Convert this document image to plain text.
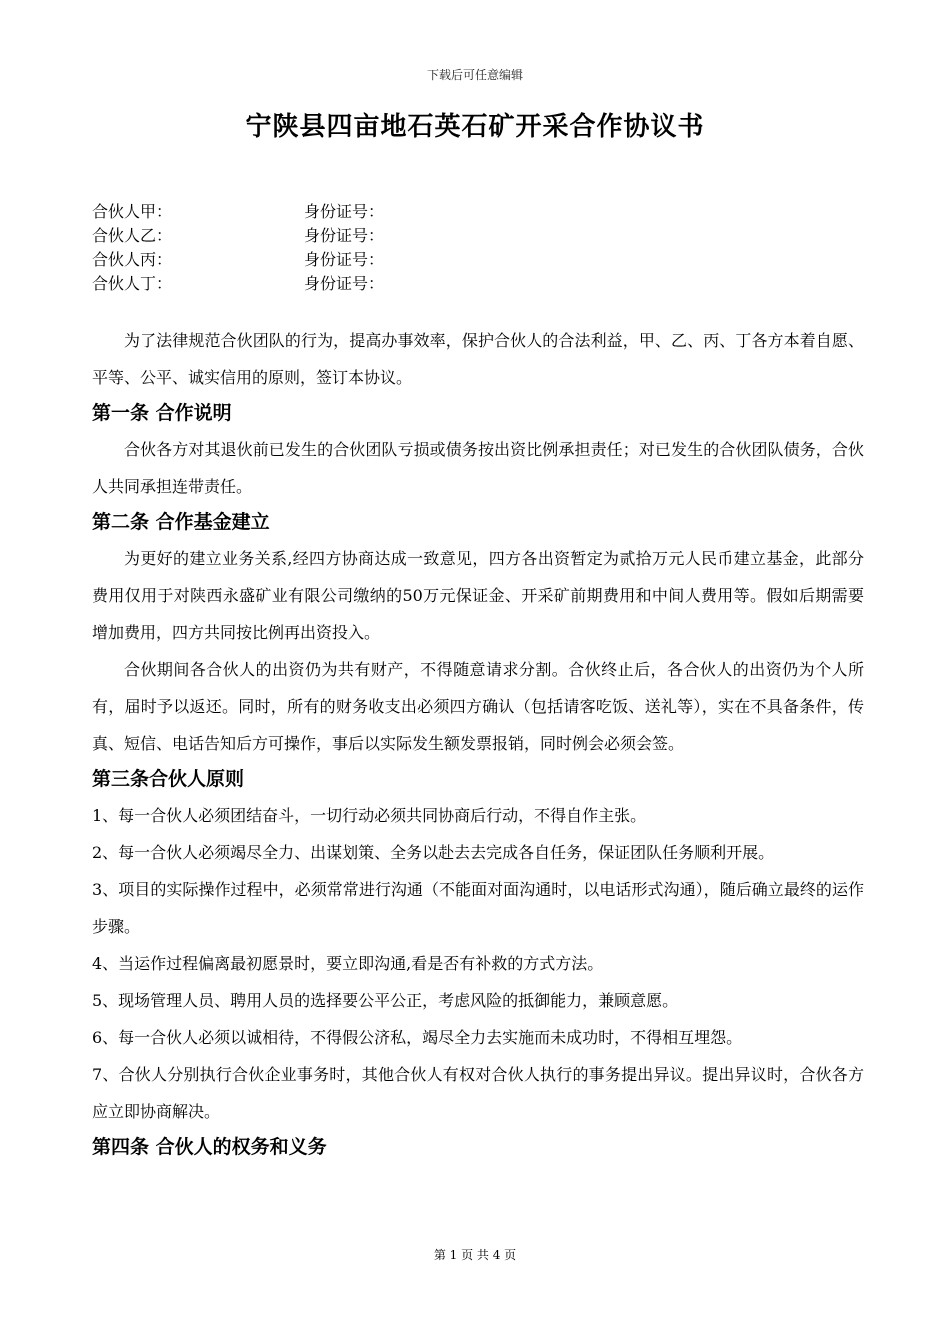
下载后可任意编辑
宁陕县四亩地石英石矿开采合作协议书
合伙人甲：	身份证号：
合伙人乙：	身份证号：
合伙人丙：	身份证号：
合伙人丁：	身份证号：

为了法律规范合伙团队的行为，提高办事效率，保护合伙人的合法利益，甲、乙、丙、丁各方本着自愿、平等、公平、诚实信用的原则，签订本协议。

第一条 合作说明

合伙各方对其退伙前已发生的合伙团队亏损或债务按出资比例承担责任；对已发生的合伙团队债务，合伙人共同承担连带责任。

第二条 合作基金建立

为更好的建立业务关系,经四方协商达成一致意见，四方各出资暂定为贰拾万元人民币建立基金，此部分费用仅用于对陕西永盛矿业有限公司缴纳的50万元保证金、开采矿前期费用和中间人费用等。假如后期需要增加费用，四方共同按比例再出资投入。

合伙期间各合伙人的出资仍为共有财产，不得随意请求分割。合伙终止后，各合伙人的出资仍为个人所有，届时予以返还。同时，所有的财务收支出必须四方确认（包括请客吃饭、送礼等），实在不具备条件，传真、短信、电话告知后方可操作，事后以实际发生额发票报销，同时例会必须会签。

第三条合伙人原则

1、每一合伙人必须团结奋斗，一切行动必须共同协商后行动，不得自作主张。

2、每一合伙人必须竭尽全力、出谋划策、全务以赴去去完成各自任务，保证团队任务顺利开展。

3、项目的实际操作过程中，必须常常进行沟通（不能面对面沟通时，以电话形式沟通），随后确立最终的运作步骤。

4、当运作过程偏离最初愿景时，要立即沟通,看是否有补救的方式方法。

5、现场管理人员、聘用人员的选择要公平公正，考虑风险的抵御能力，兼顾意愿。

6、每一合伙人必须以诚相待，不得假公济私，竭尽全力去实施而未成功时，不得相互埋怨。

7、合伙人分别执行合伙企业事务时，其他合伙人有权对合伙人执行的事务提出异议。提出异议时，合伙各方应立即协商解决。

第四条 合伙人的权务和义务
第 1 页 共 4 页
